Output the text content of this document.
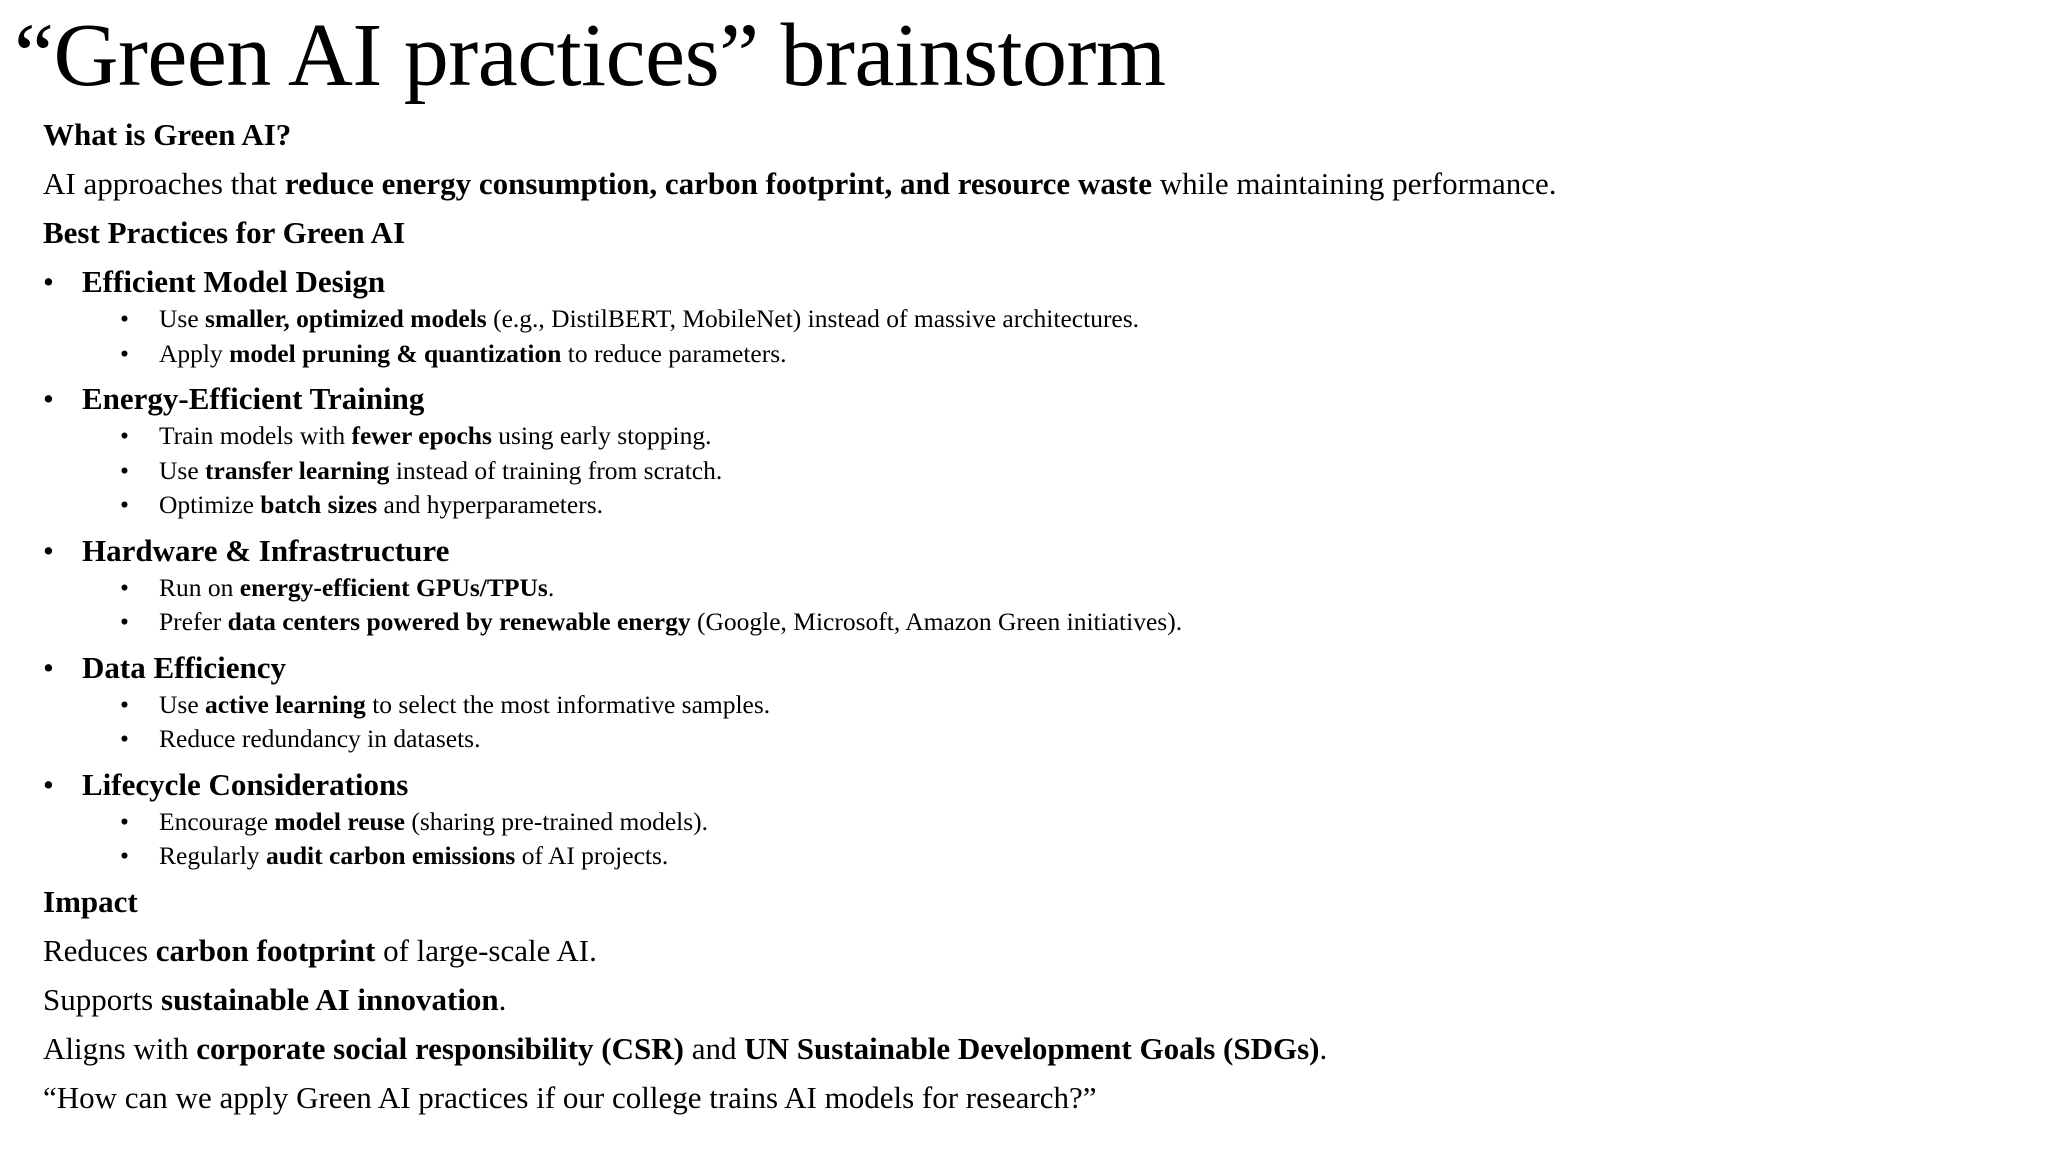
“Green AI practices” brainstorm

What is Green AI?

AI approaches that reduce energy consumption, carbon footprint, and resource waste while maintaining performance.

Best Practices for Green AI

• Efficient Model Design

• Use smaller, optimized models (e.g., DistilBERT, MobileNet) instead of massive architectures.

• Apply model pruning & quantization to reduce parameters.

• Energy-Efficient Training

• Train models with fewer epochs using early stopping.

• Use transfer learning instead of training from scratch.

• Optimize batch sizes and hyperparameters.

• Hardware & Infrastructure

• Run on energy-efficient GPUs/TPUs.

• Prefer data centers powered by renewable energy (Google, Microsoft, Amazon Green initiatives).

• Data Efficiency

• Use active learning to select the most informative samples.

• Reduce redundancy in datasets.

• Lifecycle Considerations

• Encourage model reuse (sharing pre-trained models).

• Regularly audit carbon emissions of AI projects.

Impact

Reduces carbon footprint of large-scale AI.

Supports sustainable AI innovation.

Aligns with corporate social responsibility (CSR) and UN Sustainable Development Goals (SDGs).

“How can we apply Green AI practices if our college trains AI models for research?”
